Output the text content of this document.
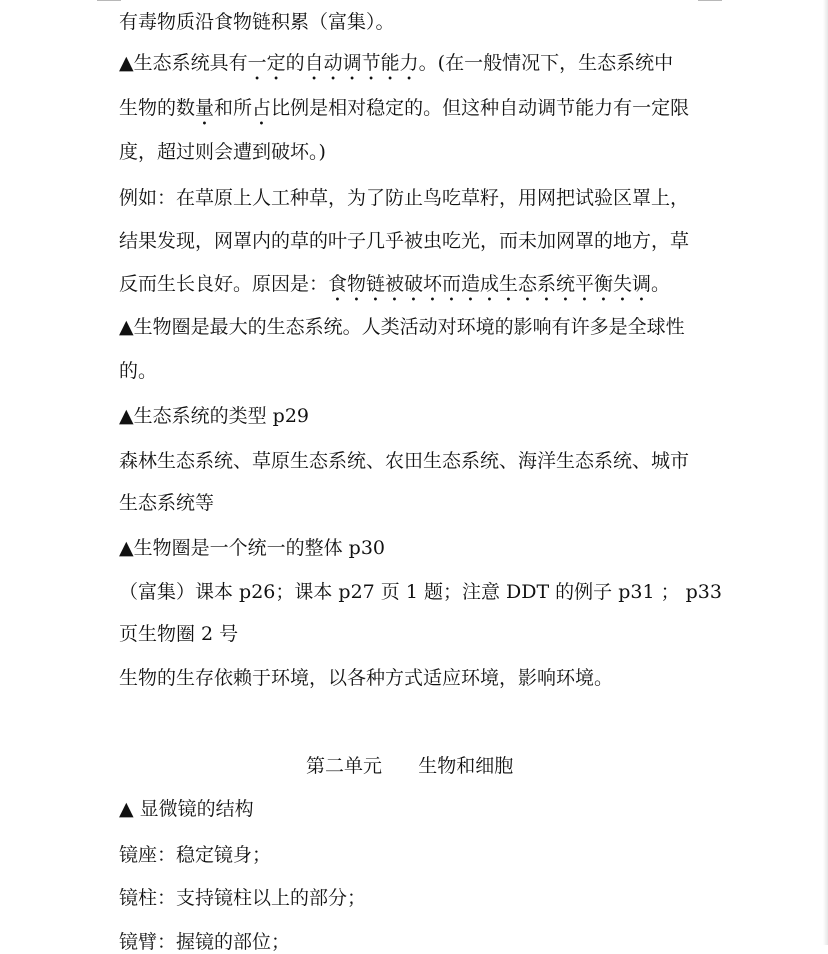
有毒物质沿食物链积累（富集）。
▲生态系统具有一定的自动调节能力。(在一般情况下，生态系统中
生物的数量和所占比例是相对稳定的。但这种自动调节能力有一定限
度，超过则会遭到破坏。)
例如：在草原上人工种草，为了防止鸟吃草籽，用网把试验区罩上，
结果发现，网罩内的草的叶子几乎被虫吃光，而未加网罩的地方，草
反而生长良好。原因是：食物链被破坏而造成生态系统平衡失调。
▲生物圈是最大的生态系统。人类活动对环境的影响有许多是全球性
的。
▲生态系统的类型 p29
森林生态系统、草原生态系统、农田生态系统、海洋生态系统、城市
生态系统等
▲生物圈是一个统一的整体 p30
（富集）课本 p26；课本 p27 页 1 题；注意 DDT 的例子 p31 ； p33
页生物圈 2 号
生物的生存依赖于环境，以各种方式适应环境，影响环境。
第二单元      生物和细胞
▲ 显微镜的结构
镜座：稳定镜身；
镜柱：支持镜柱以上的部分；
镜臂：握镜的部位；
